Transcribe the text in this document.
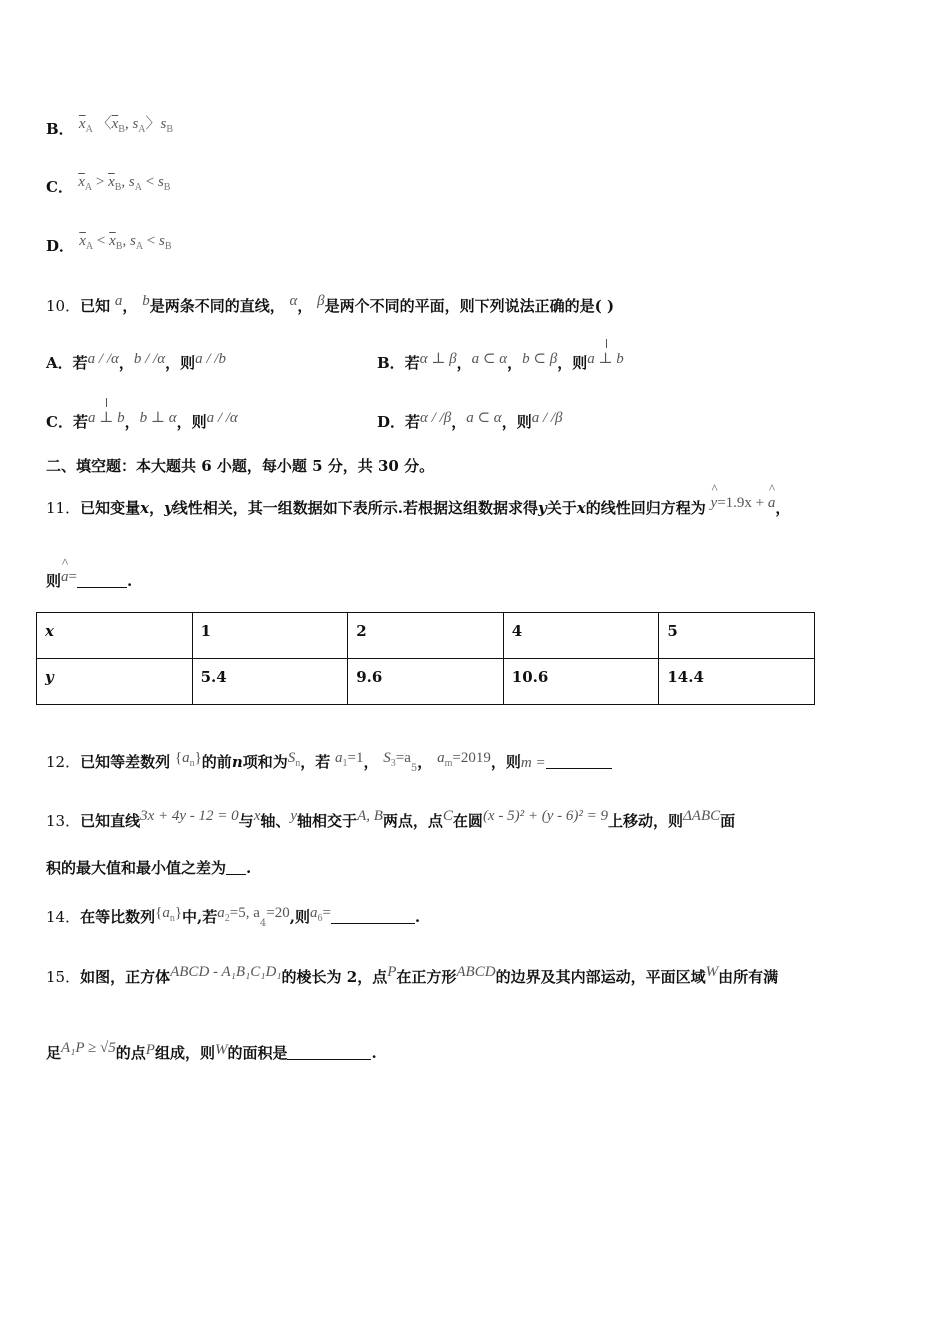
B． $\overline{x}_A$ 〈$\overline{x}_B$, $s_A$〉$s_B$
C． $\overline{x}_A > \overline{x}_B$, $s_A < s_B$
D． $\overline{x}_A < \overline{x}_B$, $s_A < s_B$
10．已知 a， b是两条不同的直线， α， β是两个不同的平面，则下列说法正确的是( )
A．若a / /α，b / /α，则a / /b	B．若α ⊥ β，a ⊂ α，b ⊂ β，则a ⊥ b
C．若a ⊥ b，b ⊥ α，则a / /α	D．若α / /β，a ⊂ α，则a / /β
二、填空题：本大题共 6 小题，每小题 5 分，共 30 分。
11．已知变量x，y线性相关，其一组数据如下表所示.若根据这组数据求得y关于x的线性回归方程为 ^ y=1.9x + ^ a，
则^ a=	.
x	1	2	4	5
y	5.4	9.6	10.6	14.4
12．已知等差数列 $\{a_n\}$的前n项和为$S_n$，若 $a_1=1$， $S_3=a_5$， $a_m=2019$，则m =
13．已知直线3x + 4y - 12 = 0与x轴、y轴相交于A, B两点，点C在圆(x - 5)² + (y - 6)² = 9上移动，则ΔABC面
积的最大值和最小值之差为 .
14．在等比数列$\{a_n\}$中,若$a_2=5$, $a_4=20$,则$a_6=$	.
15．如图，正方体ABCD - A₁B₁C₁D₁的棱长为 2，点P在正方形ABCD的边界及其内部运动，平面区域W由所有满
足A₁P ≥ √5的点P组成，则W的面积是	.
